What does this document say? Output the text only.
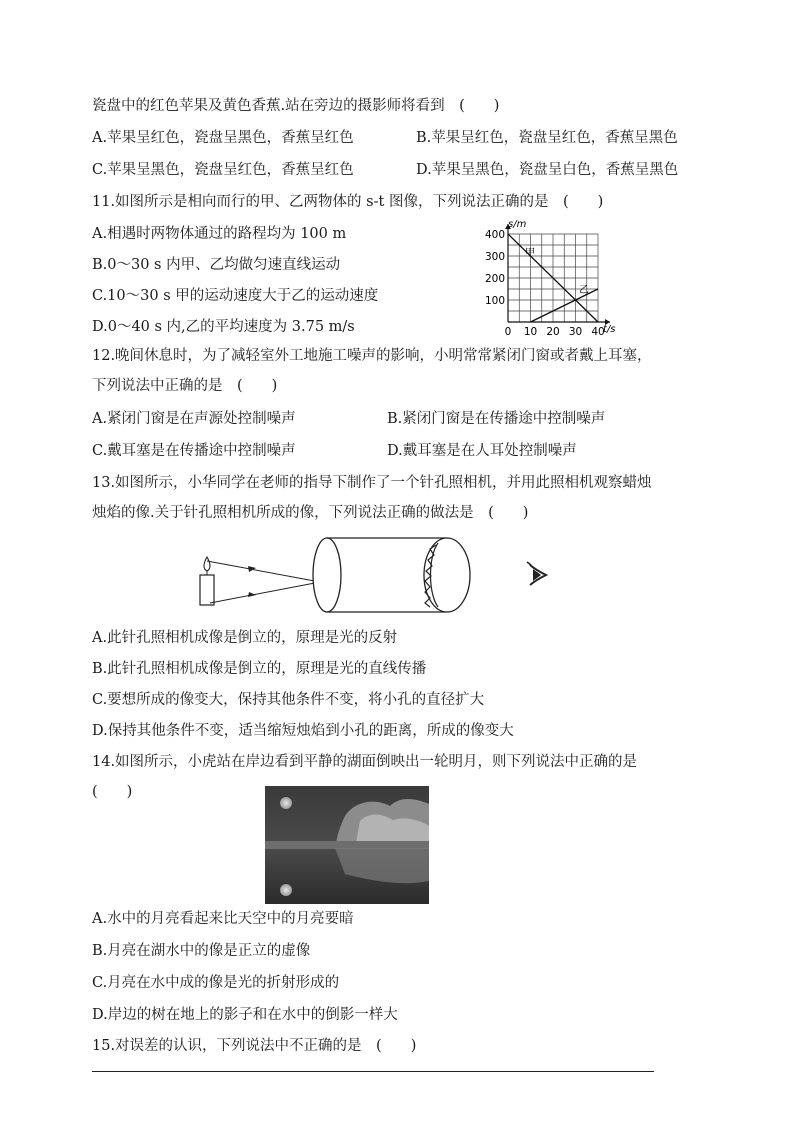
瓷盘中的红色苹果及黄色香蕉.站在旁边的摄影师将看到　(　　)
A.苹果呈红色，瓷盘呈黑色，香蕉呈红色	B.苹果呈红色，瓷盘呈红色，香蕉呈黑色
C.苹果呈黑色，瓷盘呈红色，香蕉呈红色	D.苹果呈黑色，瓷盘呈白色，香蕉呈黑色
11.如图所示是相向而行的甲、乙两物体的 s-t 图像，下列说法正确的是　(　　)
A.相遇时两物体通过的路程均为 100 m
B.0～30 s 内甲、乙均做匀速直线运动
C.10～30 s 甲的运动速度大于乙的运动速度
D.0～40 s 内,乙的平均速度为 3.75 m/s	0 10 20 30 40
100
200
300
400
s/m
t/s
甲
乙
12.晚间休息时，为了减轻室外工地施工噪声的影响，小明常常紧闭门窗或者戴上耳塞，
下列说法中正确的是　(　　)
A.紧闭门窗是在声源处控制噪声	B.紧闭门窗是在传播途中控制噪声
C.戴耳塞是在传播途中控制噪声	D.戴耳塞是在人耳处控制噪声
13.如图所示，小华同学在老师的指导下制作了一个针孔照相机，并用此照相机观察蜡烛
烛焰的像.关于针孔照相机所成的像，下列说法正确的做法是　(　　)
A.此针孔照相机成像是倒立的，原理是光的反射
B.此针孔照相机成像是倒立的，原理是光的直线传播
C.要想所成的像变大，保持其他条件不变，将小孔的直径扩大
D.保持其他条件不变，适当缩短烛焰到小孔的距离，所成的像变大
14.如图所示，小虎站在岸边看到平静的湖面倒映出一轮明月，则下列说法中正确的是
(　　)
A.水中的月亮看起来比天空中的月亮要暗
B.月亮在湖水中的像是正立的虚像
C.月亮在水中成的像是光的折射形成的
D.岸边的树在地上的影子和在水中的倒影一样大
15.对误差的认识，下列说法中不正确的是　(　　)
